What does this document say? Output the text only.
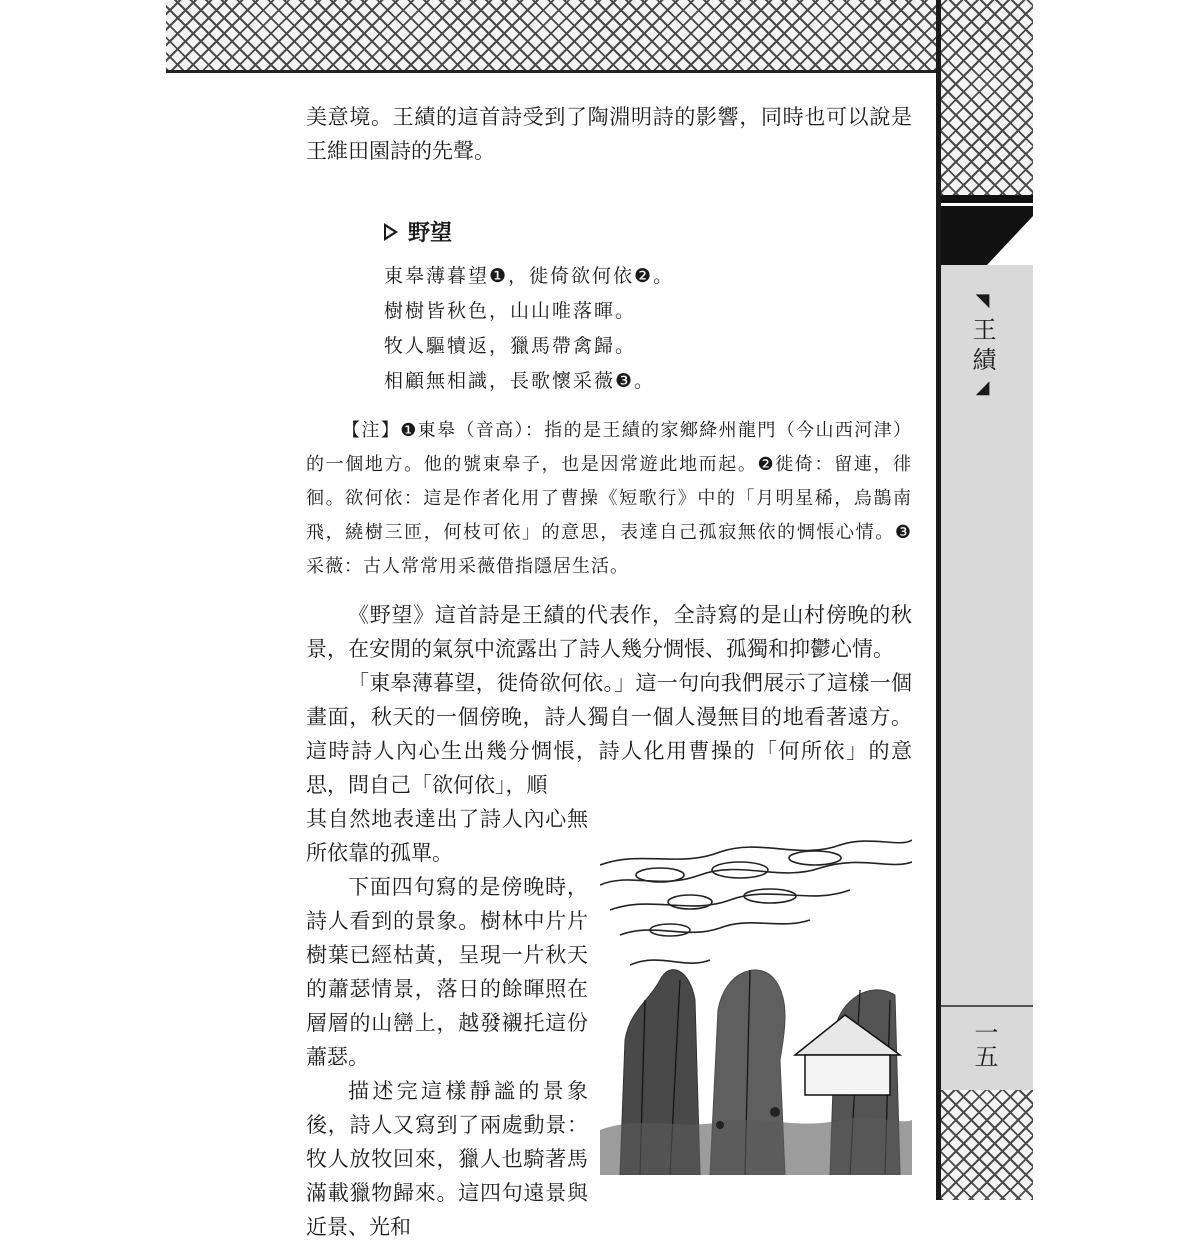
◥王績◢
一五

美意境。王績的這首詩受到了陶淵明詩的影響，同時也可以說是王維田園詩的先聲。

野望
東皋薄暮望❶，徙倚欲何依❷。
樹樹皆秋色，山山唯落暉。
牧人驅犢返，獵馬帶禽歸。
相顧無相識，長歌懷采薇❸。

【注】❶東皋（音高）：指的是王績的家鄉絳州龍門（今山西河津）的一個地方。他的號東皋子，也是因常遊此地而起。❷徙倚：留連，徘徊。欲何依：這是作者化用了曹操《短歌行》中的「月明星稀，烏鵲南飛，繞樹三匝，何枝可依」的意思，表達自己孤寂無依的惆悵心情。❸采薇：古人常常用采薇借指隱居生活。

《野望》這首詩是王績的代表作，全詩寫的是山村傍晚的秋景，在安閒的氣氛中流露出了詩人幾分惆悵、孤獨和抑鬱心情。

「東皋薄暮望，徙倚欲何依。」這一句向我們展示了這樣一個畫面，秋天的一個傍晚，詩人獨自一個人漫無目的地看著遠方。這時詩人內心生出幾分惆悵，詩人化用曹操的「何所依」的意思，問自己「欲何依」，順

其自然地表達出了詩人內心無所依靠的孤單。

下面四句寫的是傍晚時，詩人看到的景象。樹林中片片樹葉已經枯黃，呈現一片秋天的蕭瑟情景，落日的餘暉照在層層的山巒上，越發襯托這份蕭瑟。

描述完這樣靜謐的景象後，詩人又寫到了兩處動景：牧人放牧回來，獵人也騎著馬滿載獵物歸來。這四句遠景與近景、光和
